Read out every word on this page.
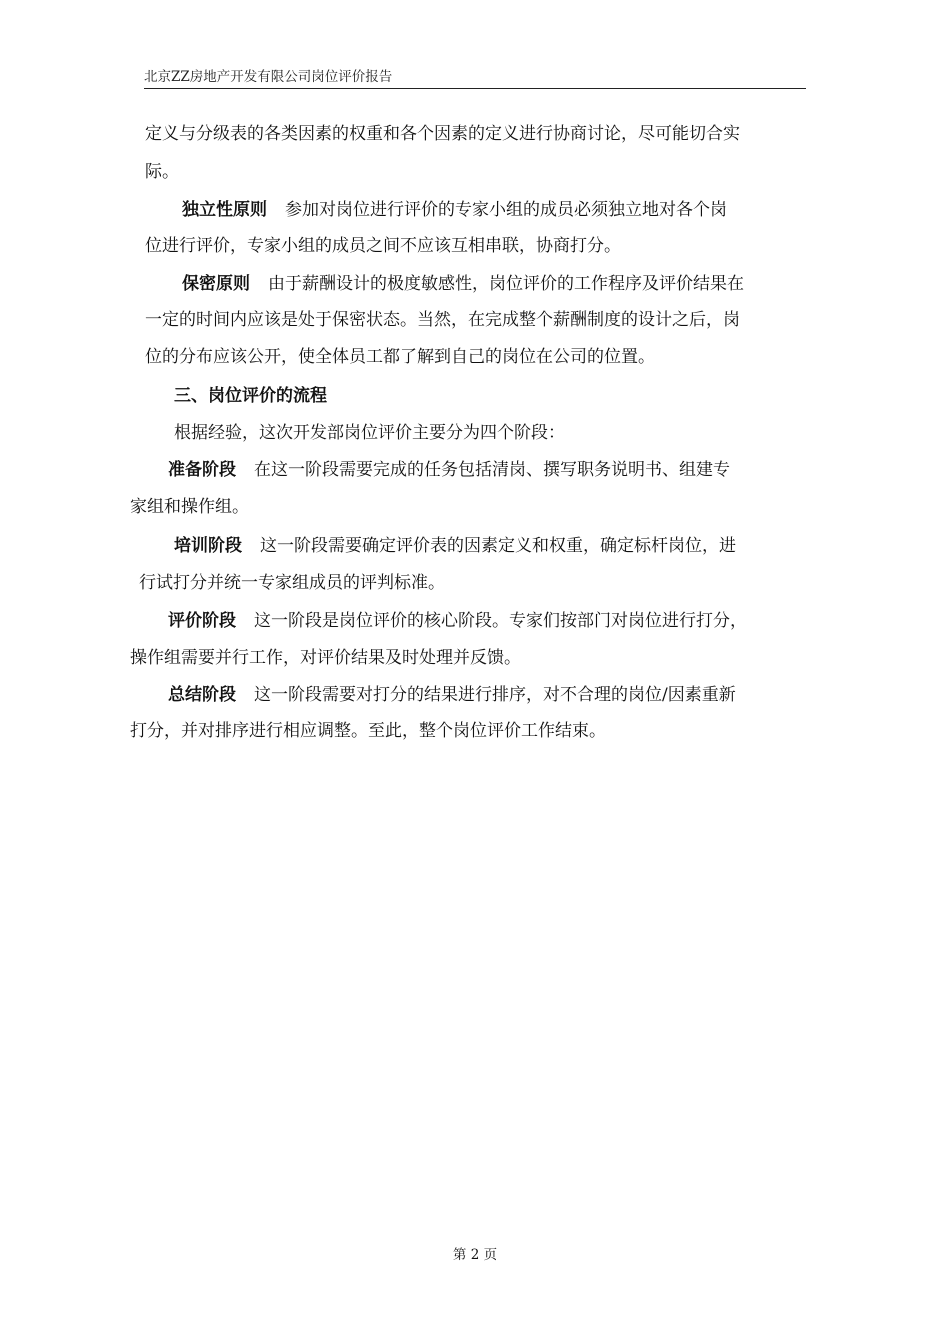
北京ZZ房地产开发有限公司岗位评价报告
定义与分级表的各类因素的权重和各个因素的定义进行协商讨论，尽可能切合实
际。
独立性原则 参加对岗位进行评价的专家小组的成员必须独立地对各个岗
位进行评价，专家小组的成员之间不应该互相串联，协商打分。
保密原则 由于薪酬设计的极度敏感性，岗位评价的工作程序及评价结果在
一定的时间内应该是处于保密状态。当然，在完成整个薪酬制度的设计之后，岗
位的分布应该公开，使全体员工都了解到自己的岗位在公司的位置。
三、岗位评价的流程
根据经验，这次开发部岗位评价主要分为四个阶段：
准备阶段 在这一阶段需要完成的任务包括清岗、撰写职务说明书、组建专
家组和操作组。
培训阶段 这一阶段需要确定评价表的因素定义和权重，确定标杆岗位，进
行试打分并统一专家组成员的评判标准。
评价阶段 这一阶段是岗位评价的核心阶段。专家们按部门对岗位进行打分，
操作组需要并行工作，对评价结果及时处理并反馈。
总结阶段 这一阶段需要对打分的结果进行排序，对不合理的岗位/因素重新
打分，并对排序进行相应调整。至此，整个岗位评价工作结束。
第 2 页
